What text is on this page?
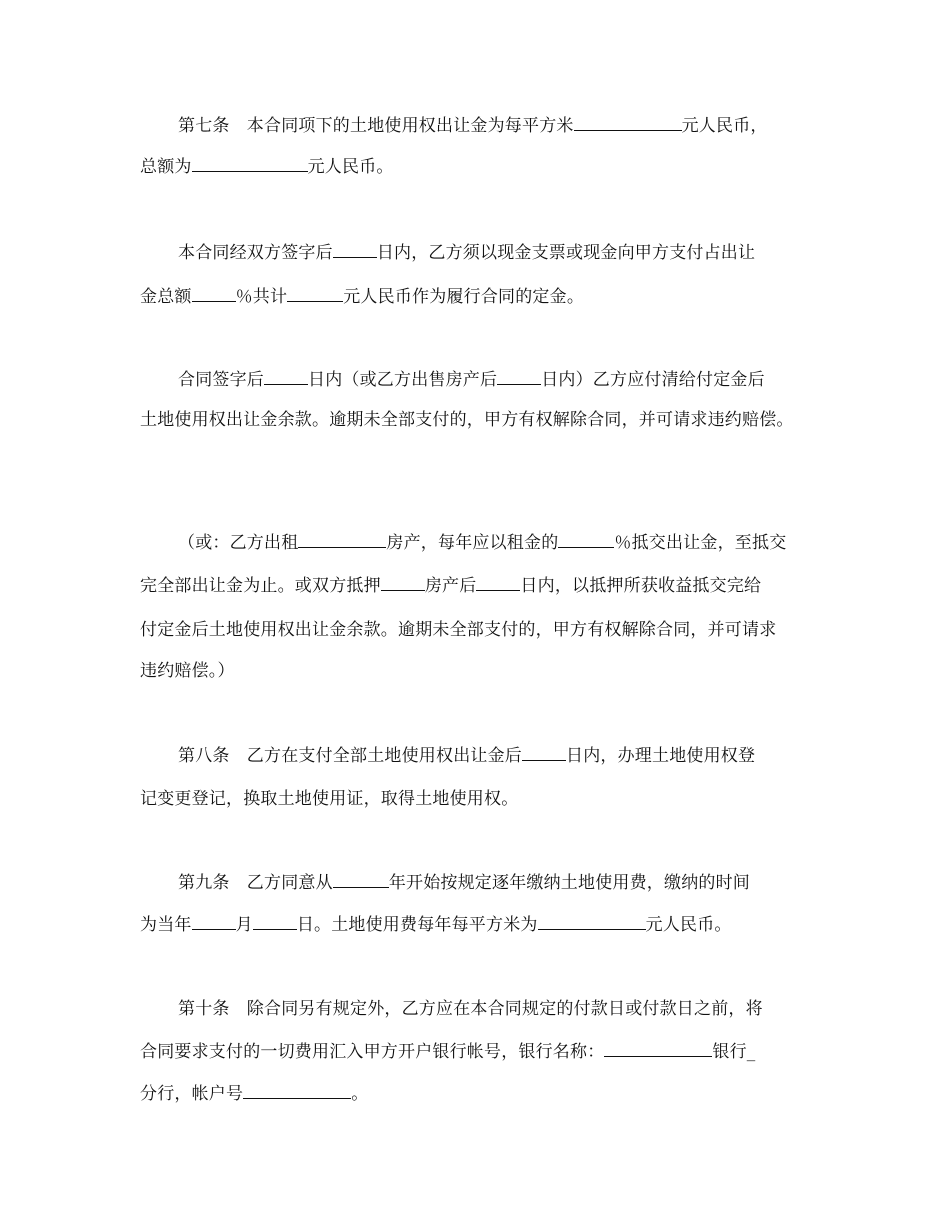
第七条　本合同项下的土地使用权出让金为每平方米	元人民币，
总额为	元人民币。
本合同经双方签字后	日内，乙方须以现金支票或现金向甲方支付占出让
金总额	％共计	元人民币作为履行合同的定金。
合同签字后	日内（或乙方出售房产后	日内）乙方应付清给付定金后
土地使用权出让金余款。逾期未全部支付的，甲方有权解除合同，并可请求违约赔偿。
（或：乙方出租	房产，每年应以租金的	％抵交出让金，至抵交
完全部出让金为止。或双方抵押	房产后	日内，以抵押所获收益抵交完给
付定金后土地使用权出让金余款。逾期未全部支付的，甲方有权解除合同，并可请求
违约赔偿。）
第八条　乙方在支付全部土地使用权出让金后	日内，办理土地使用权登
记变更登记，换取土地使用证，取得土地使用权。
第九条　乙方同意从	年开始按规定逐年缴纳土地使用费，缴纳的时间
为当年	月	日。土地使用费每年每平方米为	元人民币。
第十条　除合同另有规定外，乙方应在本合同规定的付款日或付款日之前，将
合同要求支付的一切费用汇入甲方开户银行帐号，银行名称：	银行_
分行，帐户号	。
